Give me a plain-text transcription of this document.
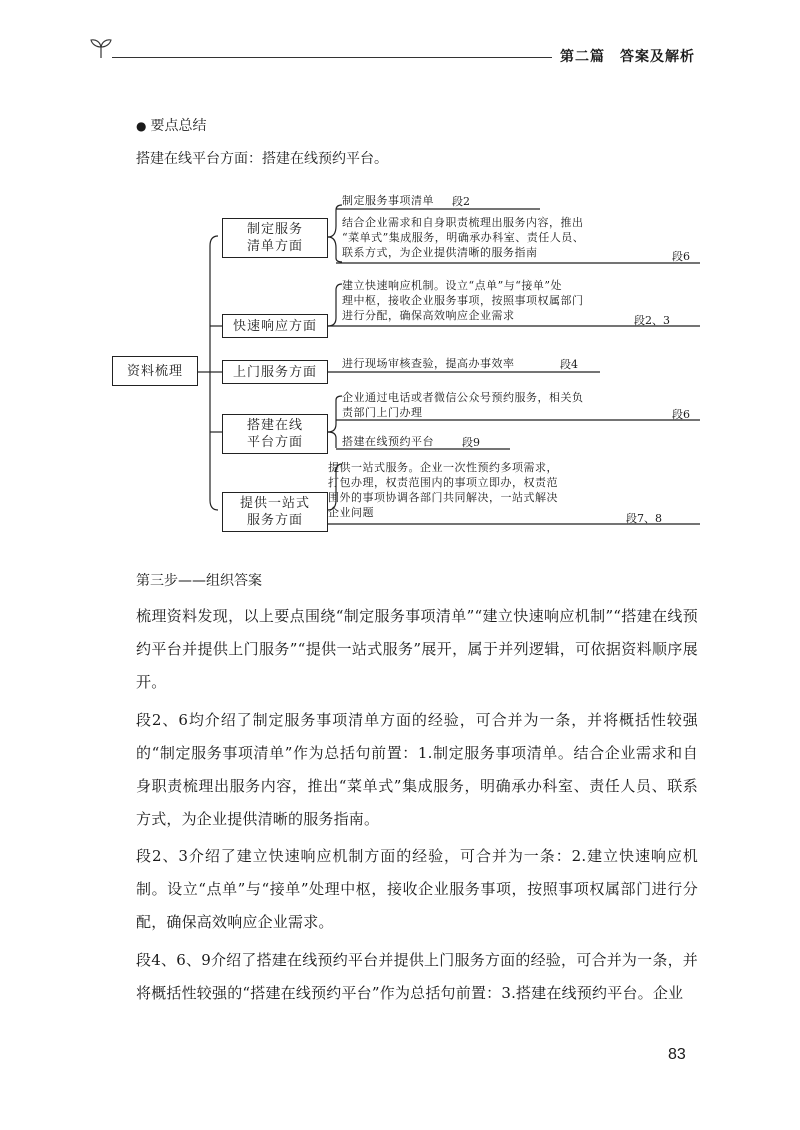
第二篇　答案及解析
● 要点总结
搭建在线平台方面：搭建在线预约平台。
资料梳理
制定服务
清单方面
快速响应方面
上门服务方面
搭建在线
平台方面
提供一站式
服务方面
制定服务事项清单 段2
结合企业需求和自身职责梳理出服务内容，推出
“菜单式”集成服务，明确承办科室、责任人员、
联系方式，为企业提供清晰的服务指南	段6
建立快速响应机制。设立“点单”与“接单”处
理中枢，接收企业服务事项，按照事项权属部门
进行分配，确保高效响应企业需求	段2、3
进行现场审核查验，提高办事效率	段4
企业通过电话或者微信公众号预约服务，相关负
责部门上门办理	段6
搭建在线预约平台	段9
提供一站式服务。企业一次性预约多项需求，
打包办理，权责范围内的事项立即办，权责范
围外的事项协调各部门共同解决，一站式解决
企业问题	段7、8
第三步——组织答案
梳理资料发现，以上要点围绕“制定服务事项清单”“建立快速响应机制”“搭建在线预约平台并提供上门服务”“提供一站式服务”展开，属于并列逻辑，可依据资料顺序展开。
段2、6均介绍了制定服务事项清单方面的经验，可合并为一条，并将概括性较强的“制定服务事项清单”作为总括句前置：1.制定服务事项清单。结合企业需求和自身职责梳理出服务内容，推出“菜单式”集成服务，明确承办科室、责任人员、联系方式，为企业提供清晰的服务指南。
段2、3介绍了建立快速响应机制方面的经验，可合并为一条：2.建立快速响应机制。设立“点单”与“接单”处理中枢，接收企业服务事项，按照事项权属部门进行分配，确保高效响应企业需求。
段4、6、9介绍了搭建在线预约平台并提供上门服务方面的经验，可合并为一条，并将概括性较强的“搭建在线预约平台”作为总括句前置：3.搭建在线预约平台。企业
83
